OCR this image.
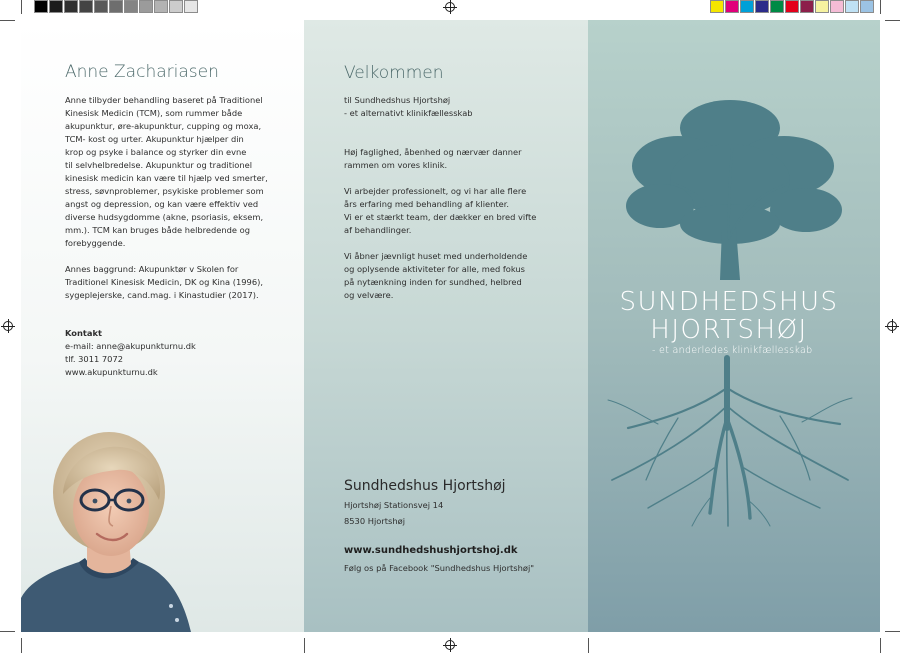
Anne Zachariasen

Anne tilbyder behandling baseret på Traditionel
Kinesisk Medicin (TCM), som rummer både
akupunktur, øre-akupunktur, cupping og moxa,
TCM- kost og urter. Akupunktur hjælper din
krop og psyke i balance og styrker din evne
til selvhelbredelse. Akupunktur og traditionel
kinesisk medicin kan være til hjælp ved smerter,
stress, søvnproblemer, psykiske problemer som
angst og depression, og kan være effektiv ved
diverse hudsygdomme (akne, psoriasis, eksem,
mm.). TCM kan bruges både helbredende og
forebyggende.

Annes baggrund: Akupunktør v Skolen for
Traditionel Kinesisk Medicin, DK og Kina (1996),
sygeplejerske, cand.mag. i Kinastudier (2017).

Kontakt
e-mail: anne@akupunkturnu.dk
tlf. 3011 7072
www.akupunkturnu.dk
Velkommen

til Sundhedshus Hjortshøj
- et alternativt klinikfællesskab

Høj faglighed, åbenhed og nærvær danner
rammen om vores klinik.

Vi arbejder professionelt, og vi har alle flere
års erfaring med behandling af klienter.
Vi er et stærkt team, der dækker en bred vifte
af behandlinger.

Vi åbner jævnligt huset med underholdende
og oplysende aktiviteter for alle, med fokus
på nytænkning inden for sundhed, helbred
og velvære.

Sundhedshus Hjortshøj
Hjortshøj Stationsvej 14
8530 Hjortshøj
www.sundhedshushjortshoj.dk
Følg os på Facebook "Sundhedshus Hjortshøj"
SUNDHEDSHUS
HJORTSHØJ
- et anderledes klinikfællesskab
